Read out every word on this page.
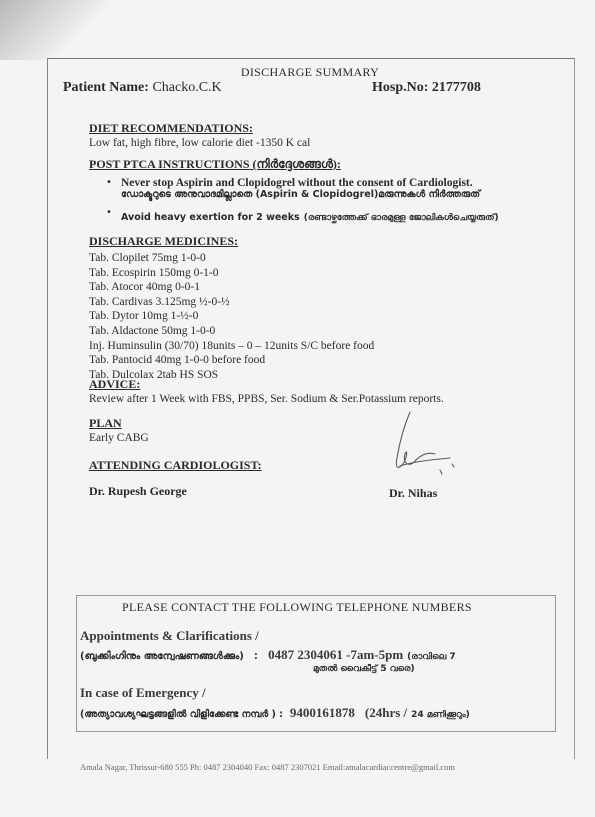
DISCHARGE SUMMARY
Patient Name: Chacko.C.K	Hosp.No: 2177708
DIET RECOMMENDATIONS:
Low fat, high fibre, low calorie diet -1350 K cal
POST PTCA INSTRUCTIONS (നിർദ്ദേശങ്ങൾ):
• Never stop Aspirin and Clopidogrel without the consent of Cardiologist.
ഡോക്ടറുടെ അനുവാദമില്ലാതെ (Aspirin & Clopidogrel)മരുന്നുകൾ നിർത്തരുത്
• Avoid heavy exertion for 2 weeks (രണ്ടാഴ്ചത്തേക്ക് ഭാരമുള്ള ജോലികൾചെയ്യരുത്)
DISCHARGE MEDICINES:
Tab. Clopilet 75mg 1-0-0
Tab. Ecospirin 150mg 0-1-0
Tab. Atocor 40mg 0-0-1
Tab. Cardivas 3.125mg ½-0-½
Tab. Dytor 10mg 1-½-0
Tab. Aldactone 50mg 1-0-0
Inj. Huminsulin (30/70) 18units – 0 – 12units S/C before food
Tab. Pantocid 40mg 1-0-0 before food
Tab. Dulcolax 2tab HS SOS
ADVICE:
Review after 1 Week with FBS, PPBS, Ser. Sodium & Ser.Potassium reports.
PLAN
Early CABG
ATTENDING CARDIOLOGIST:
Dr. Rupesh George	Dr. Nihas
PLEASE CONTACT THE FOLLOWING TELEPHONE NUMBERS
Appointments & Clarifications /
(ബുക്കിംഗിനും അന്വേഷണങ്ങൾക്കും) : 0487 2304061 -7am-5pm (രാവിലെ 7
മുതൽ വൈകീട്ട് 5 വരെ)
In case of Emergency /
(അത്യാവശ്യഘട്ടങ്ങളിൽ വിളിക്കേണ്ട നമ്പർ ) : 9400161878 (24hrs / 24 മണിക്കൂറും)
Amala Nagar, Thrissur-680 555 Ph: 0487 2304040 Fax: 0487 2307021 Email:amalacardiaccentre@gmail.com
